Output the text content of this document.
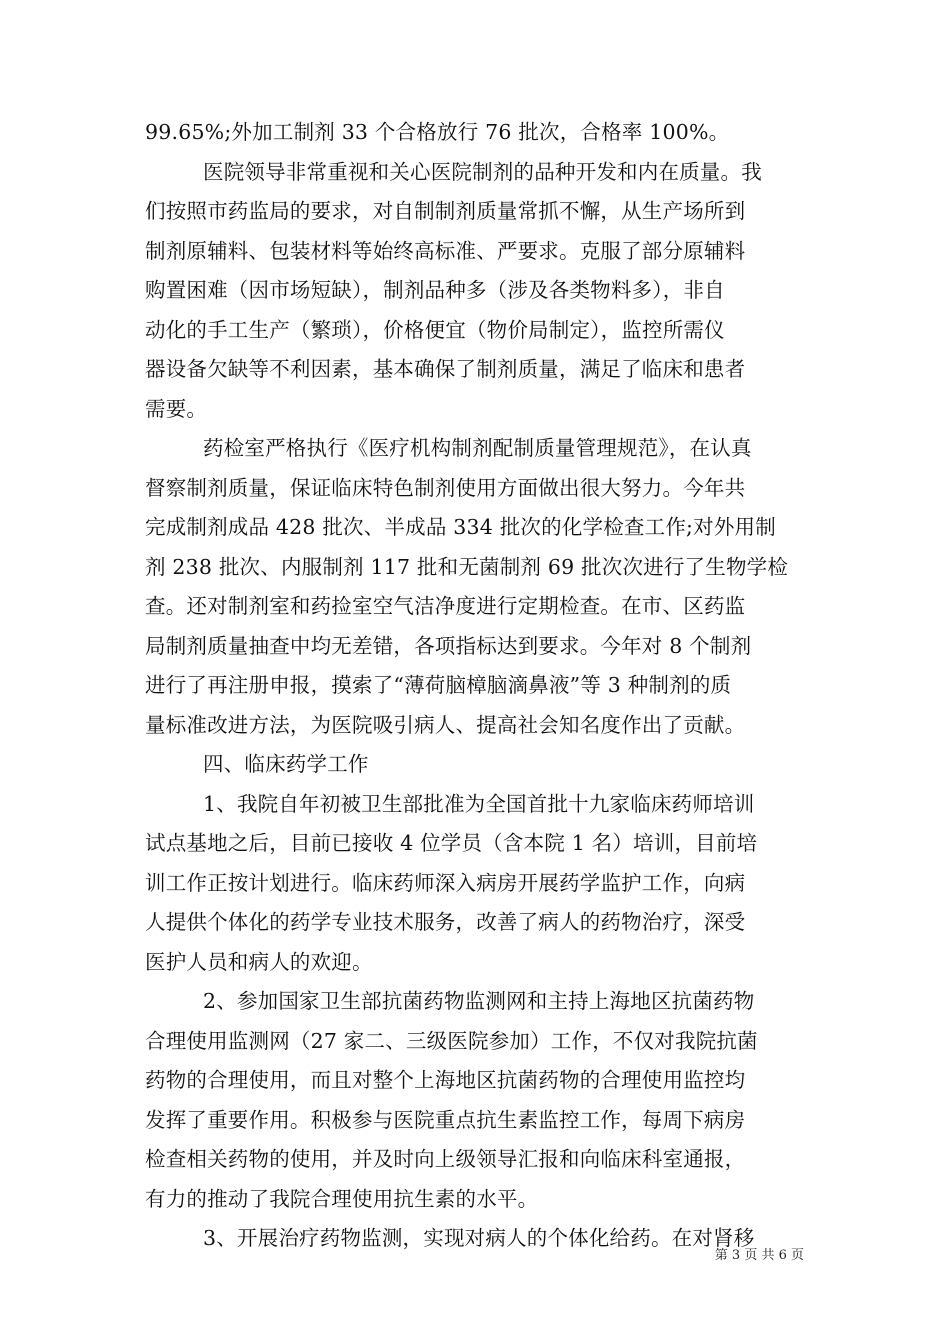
99.65%;外加工制剂 33 个合格放行 76 批次，合格率 100%。
医院领导非常重视和关心医院制剂的品种开发和内在质量。我
们按照市药监局的要求，对自制制剂质量常抓不懈，从生产场所到
制剂原辅料、包装材料等始终高标准、严要求。克服了部分原辅料
购置困难（因市场短缺），制剂品种多（涉及各类物料多），非自
动化的手工生产（繁琐），价格便宜（物价局制定），监控所需仪
器设备欠缺等不利因素，基本确保了制剂质量，满足了临床和患者
需要。
药检室严格执行《医疗机构制剂配制质量管理规范》，在认真
督察制剂质量，保证临床特色制剂使用方面做出很大努力。今年共
完成制剂成品 428 批次、半成品 334 批次的化学检查工作;对外用制
剂 238 批次、内服制剂 117 批和无菌制剂 69 批次次进行了生物学检
查。还对制剂室和药捡室空气洁净度进行定期检查。在市、区药监
局制剂质量抽查中均无差错，各项指标达到要求。今年对 8 个制剂
进行了再注册申报，摸索了“薄荷脑樟脑滴鼻液”等 3 种制剂的质
量标准改进方法，为医院吸引病人、提高社会知名度作出了贡献。
四、临床药学工作
1、我院自年初被卫生部批准为全国首批十九家临床药师培训
试点基地之后，目前已接收 4 位学员（含本院 1 名）培训，目前培
训工作正按计划进行。临床药师深入病房开展药学监护工作，向病
人提供个体化的药学专业技术服务，改善了病人的药物治疗，深受
医护人员和病人的欢迎。
2、参加国家卫生部抗菌药物监测网和主持上海地区抗菌药物
合理使用监测网（27 家二、三级医院参加）工作，不仅对我院抗菌
药物的合理使用，而且对整个上海地区抗菌药物的合理使用监控均
发挥了重要作用。积极参与医院重点抗生素监控工作，每周下病房
检查相关药物的使用，并及时向上级领导汇报和向临床科室通报，
有力的推动了我院合理使用抗生素的水平。
3、开展治疗药物监测，实现对病人的个体化给药。在对肾移
第 3 页 共 6 页
